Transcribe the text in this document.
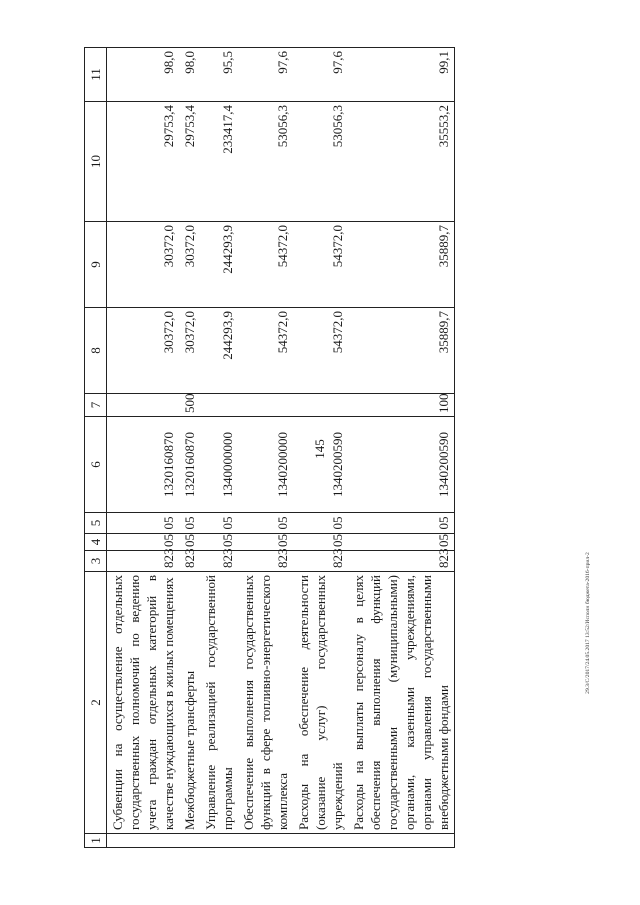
145
29.3/C/2017/24.05.2017 13:52/Исполн бюджета-2016-прил-2
1	2	3	4	5	6	7	8	9	10	11
	Субвенции на осуществление отдельных государственных полномочий по ведению учета граждан отдельных категорий в качестве нуждающихся в жилых помещениях	823	05	05	1320160870		30372,0	30372,0	29753,4	98,0
	Межбюджетные трансферты	823	05	05	1320160870	500	30372,0	30372,0	29753,4	98,0
	Управление реализацией государственной программы	823	05	05	1340000000		244293,9	244293,9	233417,4	95,5
	Обеспечение выполнения государственных функций в сфере топливно-энергетического комплекса	823	05	05	1340200000		54372,0	54372,0	53056,3	97,6
	Расходы на обеспечение деятельности (оказание услуг) государственных учреждений	823	05	05	1340200590		54372,0	54372,0	53056,3	97,6
	Расходы на выплаты персоналу в целях обеспечения выполнения функций государственными (муниципальными) органами, казенными учреждениями, органами управления государственными внебюджетными фондами	823	05	05	1340200590	100	35889,7	35889,7	35553,2	99,1
